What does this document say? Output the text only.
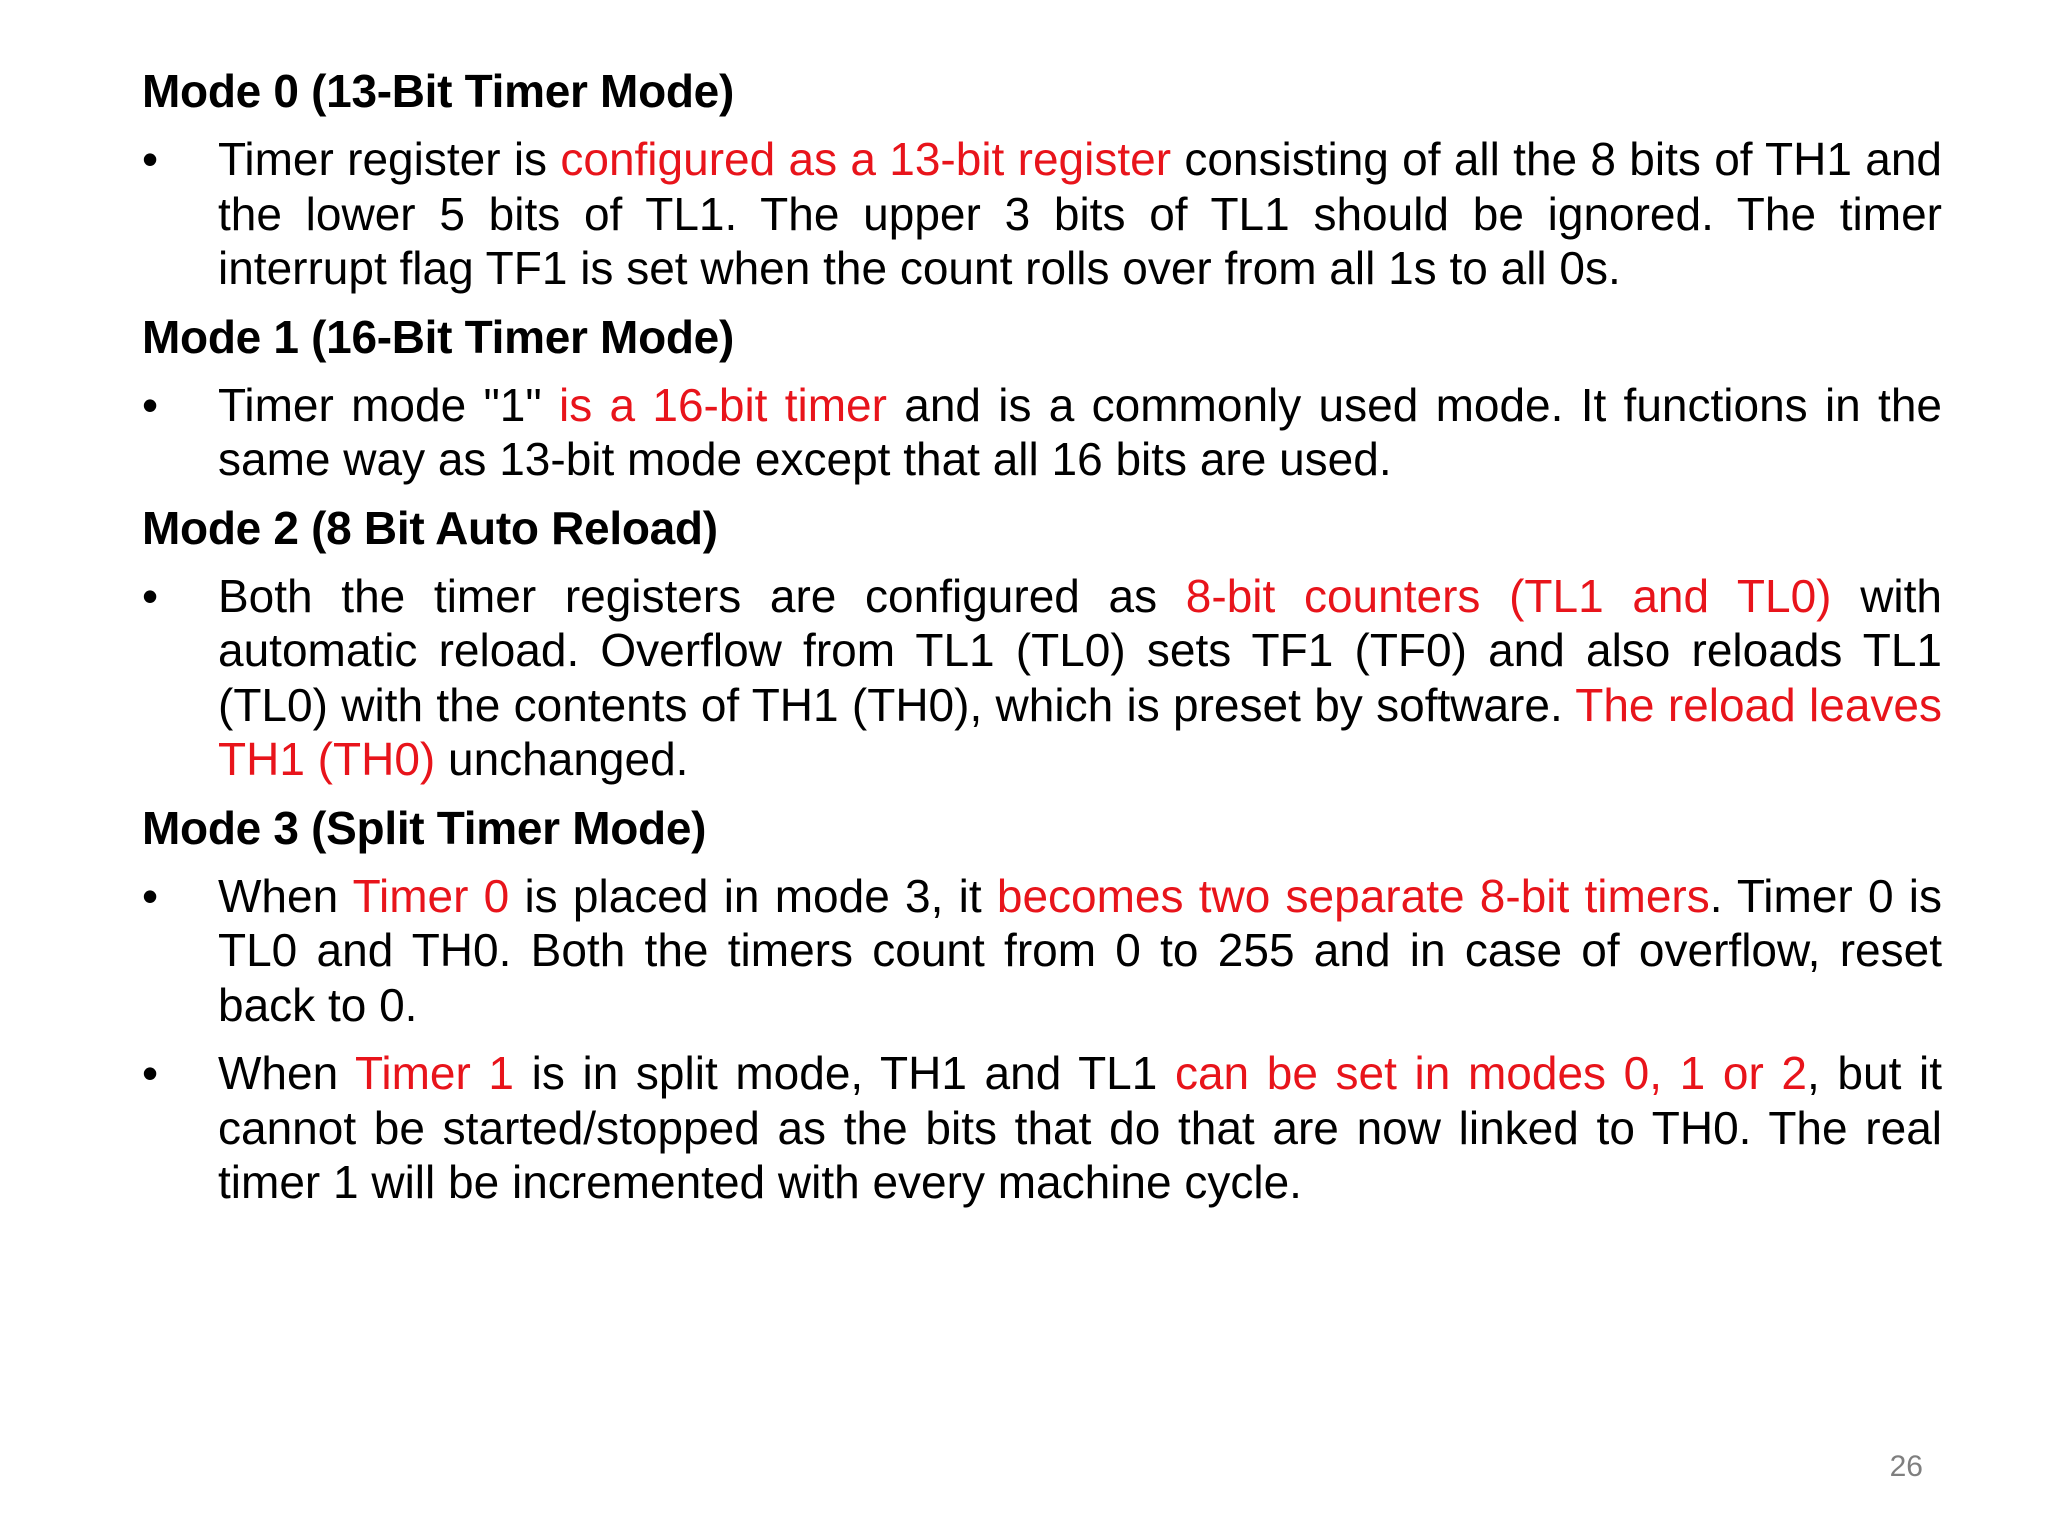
Mode 0 (13-Bit Timer Mode)
•	Timer register is configured as a 13-bit register consisting of all the 8 bits of TH1 and the lower 5 bits of TL1. The upper 3 bits of TL1 should be ignored. The timer interrupt flag TF1 is set when the count rolls over from all 1s to all 0s.
Mode 1 (16-Bit Timer Mode)
•	Timer mode "1" is a 16-bit timer and is a commonly used mode. It functions in the same way as 13-bit mode except that all 16 bits are used.
Mode 2 (8 Bit Auto Reload)
•	Both the timer registers are configured as 8-bit counters (TL1 and TL0) with automatic reload. Overflow from TL1 (TL0) sets TF1 (TF0) and also reloads TL1 (TL0) with the contents of TH1 (TH0), which is preset by software. The reload leaves TH1 (TH0) unchanged.
Mode 3 (Split Timer Mode)
•	When Timer 0 is placed in mode 3, it becomes two separate 8-bit timers. Timer 0 is TL0 and TH0. Both the timers count from 0 to 255 and in case of overflow, reset back to 0.
•	When Timer 1 is in split mode, TH1 and TL1 can be set in modes 0, 1 or 2, but it cannot be started/stopped as the bits that do that are now linked to TH0. The real timer 1 will be incremented with every machine cycle.
26
